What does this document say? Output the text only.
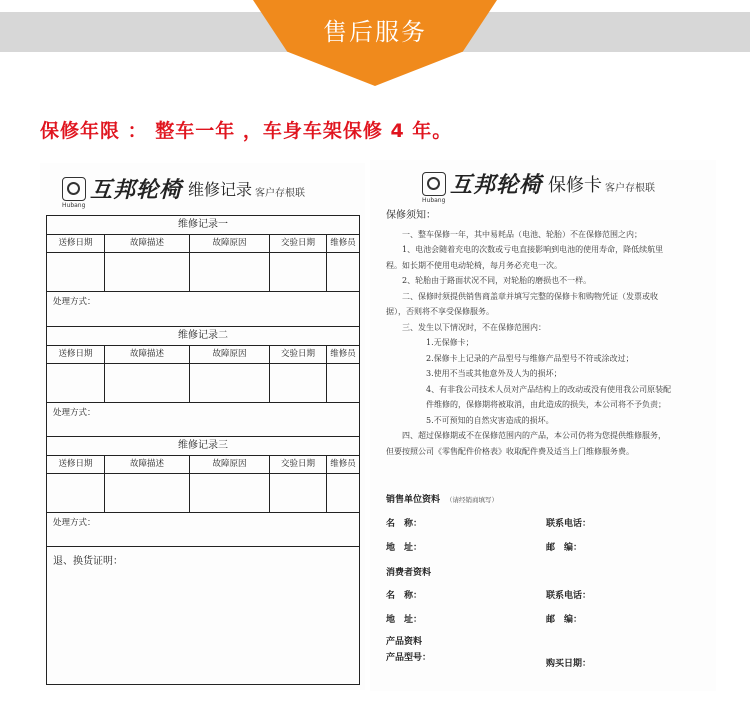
售后服务
保修年限 ： 整车一年 ，车身车架保修 4 年。
Hubang
互邦轮椅 维修记录 客户存根联
维修记录一
送修日期	故障描述	故障原因	交验日期	维修员
处理方式：
维修记录二
送修日期	故障描述	故障原因	交验日期	维修员
处理方式：
维修记录三
送修日期	故障描述	故障原因	交验日期	维修员
处理方式：
退、换货证明：
Hubang
互邦轮椅 保修卡 客户存根联
保修须知：

一、整车保修一年，其中易耗品（电池、轮胎）不在保修范围之内；

1、电池会随着充电的次数或亏电直接影响到电池的使用寿命，降低续航里

程。如长期不使用电动轮椅，每月务必充电一次。

2、轮胎由于路面状况不同，对轮胎的磨损也不一样。

二、保修时须提供销售商盖章并填写完整的保修卡和购物凭证（发票或收

据），否则将不享受保修服务。

三、发生以下情况时，不在保修范围内：

1.无保修卡；

2.保修卡上记录的产品型号与维修产品型号不符或涂改过；

3.使用不当或其他意外及人为的损坏；

4、有非我公司技术人员对产品结构上的改动或没有使用我公司原装配

件维修的，保修期将被取消，由此造成的损失，本公司将不予负责；

5.不可预知的自然灾害造成的损坏。

四、超过保修期或不在保修范围内的产品，本公司仍将为您提供维修服务，

但要按照公司《零售配件价格表》收取配件费及适当上门维修服务费。

销售单位资料 （请经销商填写）
名　称：	联系电话：
地　址：	邮　编：
消费者资料
名　称：	联系电话：
地　址：	邮　编：
产品资料
产品型号：
购买日期：
